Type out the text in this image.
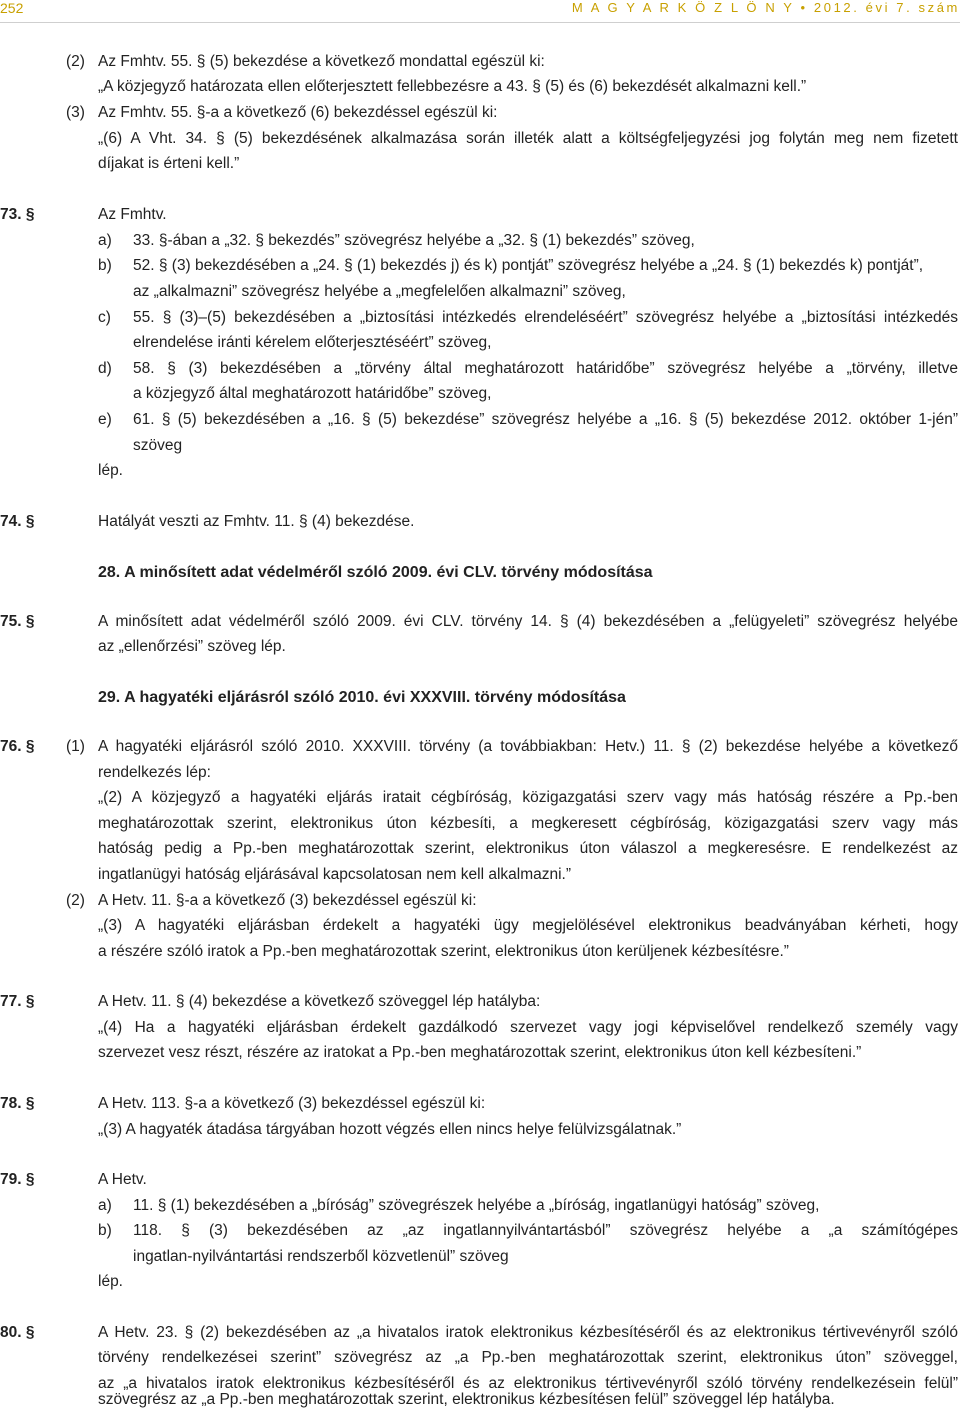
252	M A G Y A R K Ö Z L Ö N Y • 2012. évi 7. szám
(2) Az Fmhtv. 55. § (5) bekezdése a következő mondattal egészül ki:
„A közjegyző határozata ellen előterjesztett fellebbezésre a 43. § (5) és (6) bekezdését alkalmazni kell.”
(3) Az Fmhtv. 55. §-a a következő (6) bekezdéssel egészül ki:
„(6) A Vht. 34. § (5) bekezdésének alkalmazása során illeték alatt a költségfeljegyzési jog folytán meg nem fizetett
díjakat is érteni kell.”
73. §	Az Fmhtv.
a) 33. §-ában a „32. § bekezdés” szövegrész helyébe a „32. § (1) bekezdés” szöveg,
b) 52. § (3) bekezdésében a „24. § (1) bekezdés j) és k) pontját” szövegrész helyébe a „24. § (1) bekezdés k) pontját”,
az „alkalmazni” szövegrész helyébe a „megfelelően alkalmazni” szöveg,
c) 55. § (3)–(5) bekezdésében a „biztosítási intézkedés elrendeléséért” szövegrész helyébe a „biztosítási intézkedés
elrendelése iránti kérelem előterjesztéséért” szöveg,
d) 58. § (3) bekezdésében a „törvény által meghatározott határidőbe” szövegrész helyébe a „törvény, illetve
a közjegyző által meghatározott határidőbe” szöveg,
e) 61. § (5) bekezdésében a „16. § (5) bekezdése” szövegrész helyébe a „16. § (5) bekezdése 2012. október 1-jén”
szöveg
lép.
74. §	Hatályát veszti az Fmhtv. 11. § (4) bekezdése.
28. A minősített adat védelméről szóló 2009. évi CLV. törvény módosítása
75. §	A minősített adat védelméről szóló 2009. évi CLV. törvény 14. § (4) bekezdésében a „felügyeleti” szövegrész helyébe
az „ellenőrzési” szöveg lép.
29. A hagyatéki eljárásról szóló 2010. évi XXXVIII. törvény módosítása
76. § (1) A hagyatéki eljárásról szóló 2010. XXXVIII. törvény (a továbbiakban: Hetv.) 11. § (2) bekezdése helyébe a következő
rendelkezés lép:
„(2) A közjegyző a hagyatéki eljárás iratait cégbíróság, közigazgatási szerv vagy más hatóság részére a Pp.-ben
meghatározottak szerint, elektronikus úton kézbesíti, a megkeresett cégbíróság, közigazgatási szerv vagy más
hatóság pedig a Pp.-ben meghatározottak szerint, elektronikus úton válaszol a megkeresésre. E rendelkezést az
ingatlanügyi hatóság eljárásával kapcsolatosan nem kell alkalmazni.”
(2) A Hetv. 11. §-a a következő (3) bekezdéssel egészül ki:
„(3) A hagyatéki eljárásban érdekelt a hagyatéki ügy megjelölésével elektronikus beadványában kérheti, hogy
a részére szóló iratok a Pp.-ben meghatározottak szerint, elektronikus úton kerüljenek kézbesítésre.”
77. §	A Hetv. 11. § (4) bekezdése a következő szöveggel lép hatályba:
„(4) Ha a hagyatéki eljárásban érdekelt gazdálkodó szervezet vagy jogi képviselővel rendelkező személy vagy
szervezet vesz részt, részére az iratokat a Pp.-ben meghatározottak szerint, elektronikus úton kell kézbesíteni.”
78. §	A Hetv. 113. §-a a következő (3) bekezdéssel egészül ki:
„(3) A hagyaték átadása tárgyában hozott végzés ellen nincs helye felülvizsgálatnak.”
79. §	A Hetv.
a) 11. § (1) bekezdésében a „bíróság” szövegrészek helyébe a „bíróság, ingatlanügyi hatóság” szöveg,
b) 118. § (3) bekezdésében az „az ingatlannyilvántartásból” szövegrész helyébe a „a számítógépes
ingatlan-nyilvántartási rendszerből közvetlenül” szöveg
lép.
80. §	A Hetv. 23. § (2) bekezdésében az „a hivatalos iratok elektronikus kézbesítéséről és az elektronikus tértivevényről szóló
törvény rendelkezései szerint” szövegrész az „a Pp.-ben meghatározottak szerint, elektronikus úton” szöveggel,
az „a hivatalos iratok elektronikus kézbesítéséről és az elektronikus tértivevényről szóló törvény rendelkezésein felül”
szövegrész az „a Pp.-ben meghatározottak szerint, elektronikus kézbesítésen felül” szöveggel lép hatályba.
